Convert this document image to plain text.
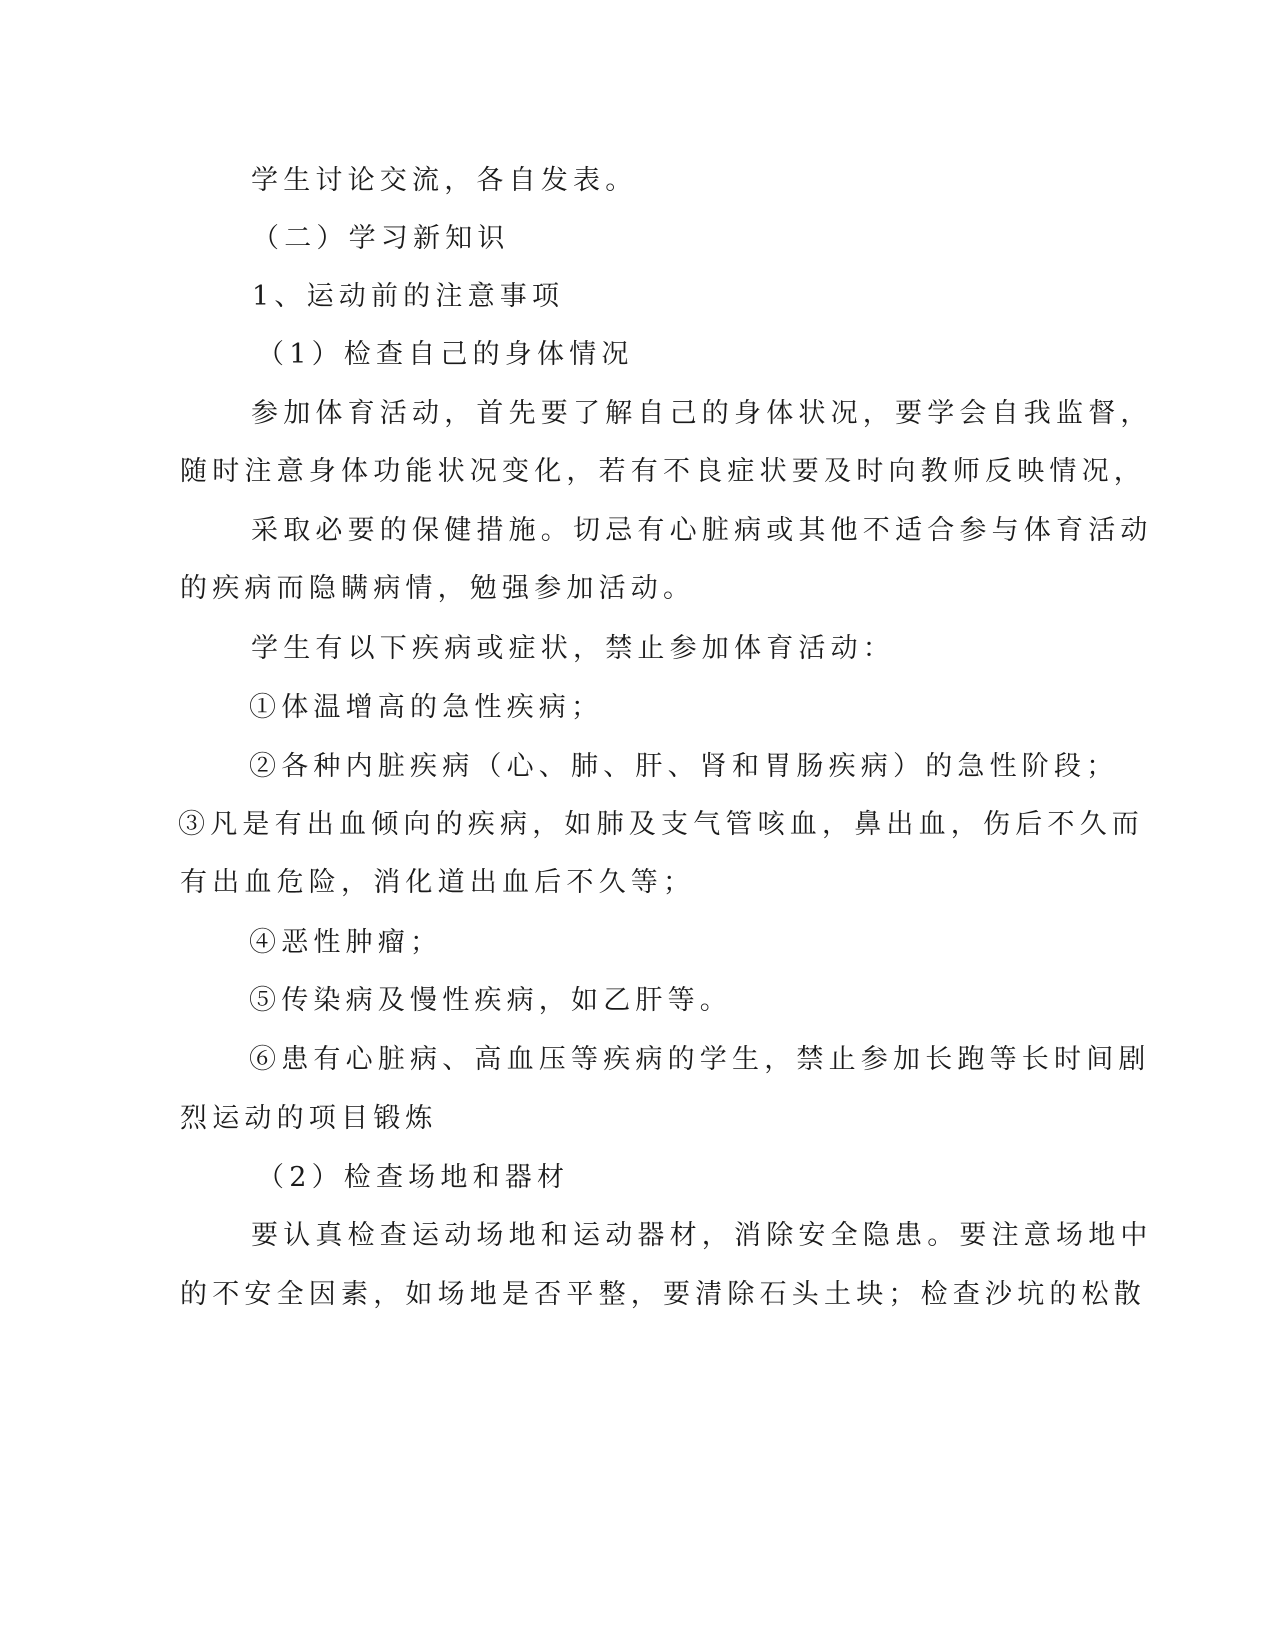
学生讨论交流，各自发表。
（二）学习新知识
1、运动前的注意事项
（1）检查自己的身体情况
参加体育活动，首先要了解自己的身体状况，要学会自我监督，
随时注意身体功能状况变化，若有不良症状要及时向教师反映情况，
采取必要的保健措施。切忌有心脏病或其他不适合参与体育活动
的疾病而隐瞒病情，勉强参加活动。
学生有以下疾病或症状，禁止参加体育活动：
①体温增高的急性疾病；
②各种内脏疾病（心、肺、肝、肾和胃肠疾病）的急性阶段；
③凡是有出血倾向的疾病，如肺及支气管咳血，鼻出血，伤后不久而
有出血危险，消化道出血后不久等；
④恶性肿瘤；
⑤传染病及慢性疾病，如乙肝等。
⑥患有心脏病、高血压等疾病的学生，禁止参加长跑等长时间剧
烈运动的项目锻炼
（2）检查场地和器材
要认真检查运动场地和运动器材，消除安全隐患。要注意场地中
的不安全因素，如场地是否平整，要清除石头土块；检查沙坑的松散
